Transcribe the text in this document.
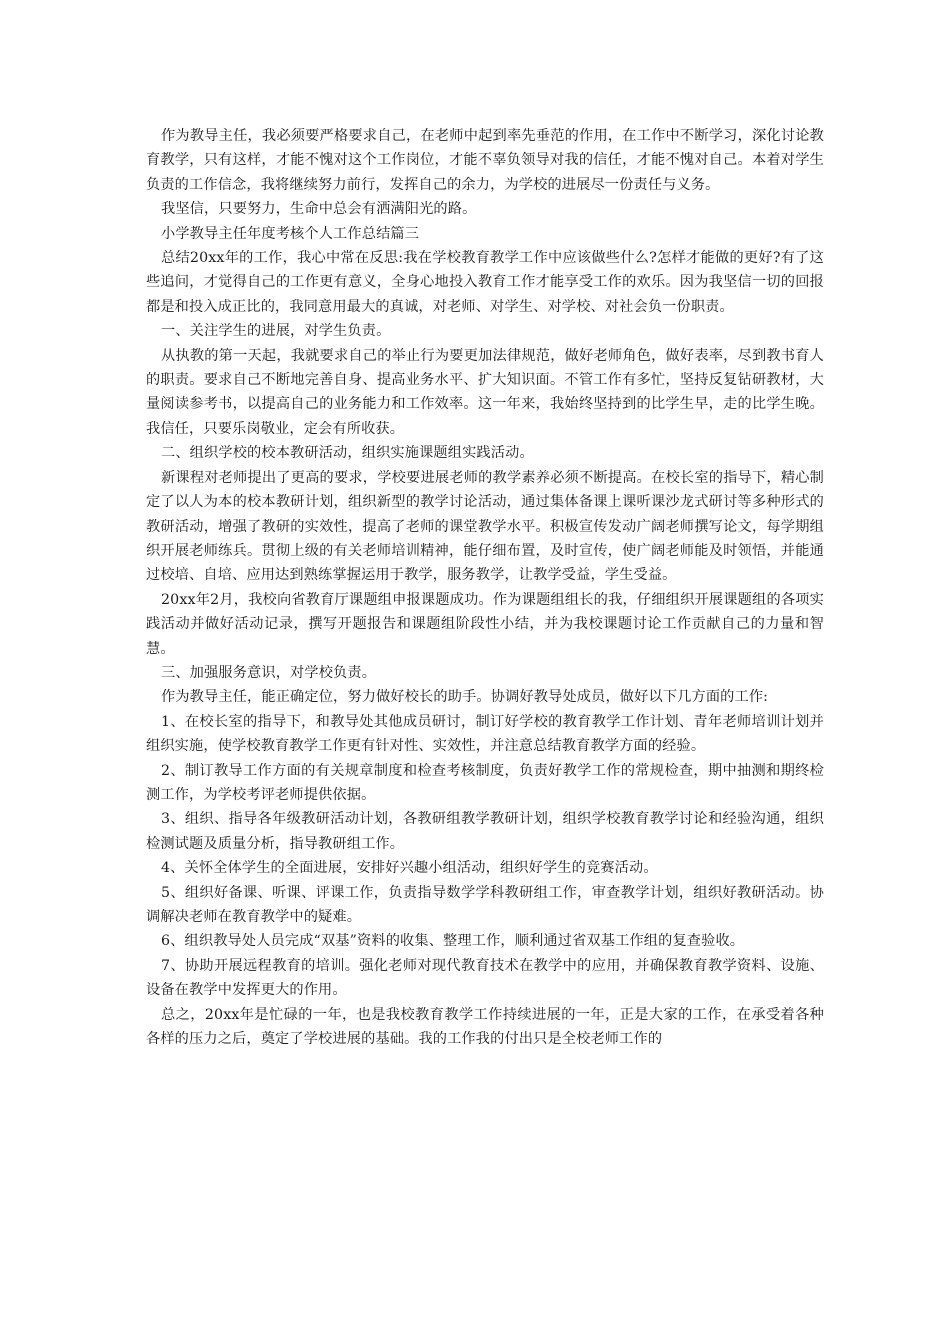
作为教导主任，我必须要严格要求自己，在老师中起到率先垂范的作用，在工作中不断学习，深化讨论教育教学，只有这样，才能不愧对这个工作岗位，才能不辜负领导对我的信任，才能不愧对自己。本着对学生负责的工作信念，我将继续努力前行，发挥自己的余力，为学校的进展尽一份责任与义务。

我坚信，只要努力，生命中总会有洒满阳光的路。

小学教导主任年度考核个人工作总结篇三

总结20xx年的工作，我心中常在反思:我在学校教育教学工作中应该做些什么?怎样才能做的更好?有了这些追问，才觉得自己的工作更有意义，全身心地投入教育工作才能享受工作的欢乐。因为我坚信一切的回报都是和投入成正比的，我同意用最大的真诚，对老师、对学生、对学校、对社会负一份职责。

一、关注学生的进展，对学生负责。

从执教的第一天起，我就要求自己的举止行为要更加法律规范，做好老师角色，做好表率，尽到教书育人的职责。要求自己不断地完善自身、提高业务水平、扩大知识面。不管工作有多忙，坚持反复钻研教材，大量阅读参考书，以提高自己的业务能力和工作效率。这一年来，我始终坚持到的比学生早，走的比学生晚。我信任，只要乐岗敬业，定会有所收获。

二、组织学校的校本教研活动，组织实施课题组实践活动。

新课程对老师提出了更高的要求，学校要进展老师的教学素养必须不断提高。在校长室的指导下，精心制定了以人为本的校本教研计划，组织新型的教学讨论活动，通过集体备课上课听课沙龙式研讨等多种形式的教研活动，增强了教研的实效性，提高了老师的课堂教学水平。积极宣传发动广阔老师撰写论文，每学期组织开展老师练兵。贯彻上级的有关老师培训精神，能仔细布置，及时宣传，使广阔老师能及时领悟，并能通过校培、自培、应用达到熟练掌握运用于教学，服务教学，让教学受益，学生受益。

20xx年2月，我校向省教育厅课题组申报课题成功。作为课题组组长的我，仔细组织开展课题组的各项实践活动并做好活动记录，撰写开题报告和课题组阶段性小结，并为我校课题讨论工作贡献自己的力量和智慧。

三、加强服务意识，对学校负责。

作为教导主任，能正确定位，努力做好校长的助手。协调好教导处成员，做好以下几方面的工作:

1、在校长室的指导下，和教导处其他成员研讨，制订好学校的教育教学工作计划、青年老师培训计划并组织实施，使学校教育教学工作更有针对性、实效性，并注意总结教育教学方面的经验。

2、制订教导工作方面的有关规章制度和检查考核制度，负责好教学工作的常规检查，期中抽测和期终检测工作，为学校考评老师提供依据。

3、组织、指导各年级教研活动计划，各教研组教学教研计划，组织学校教育教学讨论和经验沟通，组织检测试题及质量分析，指导教研组工作。

4、关怀全体学生的全面进展，安排好兴趣小组活动，组织好学生的竞赛活动。

5、组织好备课、听课、评课工作，负责指导数学学科教研组工作，审查教学计划，组织好教研活动。协调解决老师在教育教学中的疑难。

6、组织教导处人员完成“双基”资料的收集、整理工作，顺利通过省双基工作组的复查验收。

7、协助开展远程教育的培训。强化老师对现代教育技术在教学中的应用，并确保教育教学资料、设施、设备在教学中发挥更大的作用。

总之，20xx年是忙碌的一年，也是我校教育教学工作持续进展的一年，正是大家的工作，在承受着各种各样的压力之后，奠定了学校进展的基础。我的工作我的付出只是全校老师工作的
